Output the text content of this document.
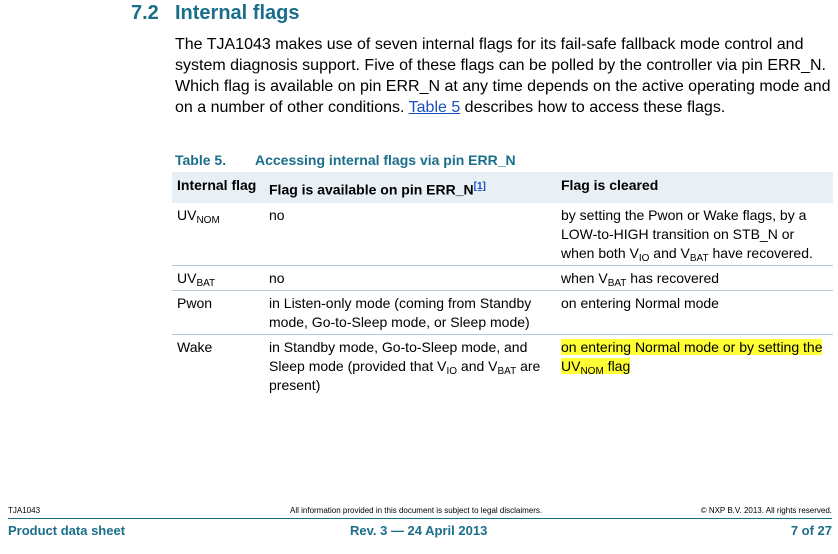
7.2 Internal flags
The TJA1043 makes use of seven internal flags for its fail-safe fallback mode control and system diagnosis support. Five of these flags can be polled by the controller via pin ERR_N. Which flag is available on pin ERR_N at any time depends on the active operating mode and on a number of other conditions. Table 5 describes how to access these flags.
Table 5. Accessing internal flags via pin ERR_N
Internal flag	Flag is available on pin ERR_N[1]	Flag is cleared
$UV_{NOM}$	no	by setting the Pwon or Wake flags, by a LOW-to-HIGH transition on STB_N or when both $V_{IO}$ and $V_{BAT}$ have recovered.
$UV_{BAT}$	no	when $V_{BAT}$ has recovered
Pwon	in Listen-only mode (coming from Standby mode, Go-to-Sleep mode, or Sleep mode)	on entering Normal mode
Wake	in Standby mode, Go-to-Sleep mode, and Sleep mode (provided that $V_{IO}$ and $V_{BAT}$ are present)	on entering Normal mode or by setting the $UV_{NOM}$ flag
TJA1043	All information provided in this document is subject to legal disclaimers.	© NXP B.V. 2013. All rights reserved.
Product data sheet	Rev. 3 — 24 April 2013	7 of 27
